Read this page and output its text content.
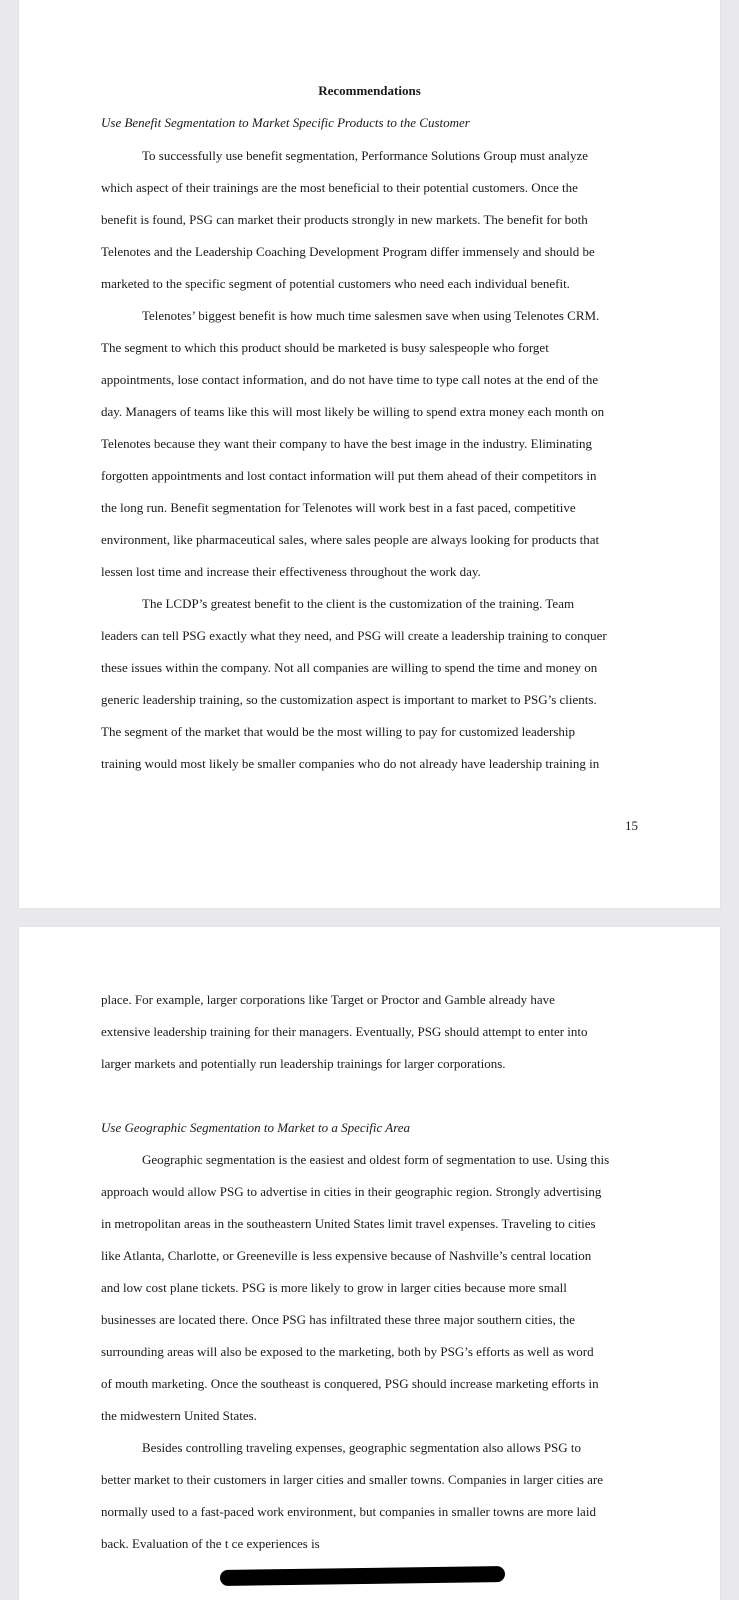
Recommendations
Use Benefit Segmentation to Market Specific Products to the Customer
To successfully use benefit segmentation, Performance Solutions Group must analyze
which aspect of their trainings are the most beneficial to their potential customers. Once the
benefit is found, PSG can market their products strongly in new markets. The benefit for both
Telenotes and the Leadership Coaching Development Program differ immensely and should be
marketed to the specific segment of potential customers who need each individual benefit.
Telenotes’ biggest benefit is how much time salesmen save when using Telenotes CRM.
The segment to which this product should be marketed is busy salespeople who forget
appointments, lose contact information, and do not have time to type call notes at the end of the
day. Managers of teams like this will most likely be willing to spend extra money each month on
Telenotes because they want their company to have the best image in the industry. Eliminating
forgotten appointments and lost contact information will put them ahead of their competitors in
the long run. Benefit segmentation for Telenotes will work best in a fast paced, competitive
environment, like pharmaceutical sales, where sales people are always looking for products that
lessen lost time and increase their effectiveness throughout the work day.
The LCDP’s greatest benefit to the client is the customization of the training. Team
leaders can tell PSG exactly what they need, and PSG will create a leadership training to conquer
these issues within the company. Not all companies are willing to spend the time and money on
generic leadership training, so the customization aspect is important to market to PSG’s clients.
The segment of the market that would be the most willing to pay for customized leadership
training would most likely be smaller companies who do not already have leadership training in
15
place. For example, larger corporations like Target or Proctor and Gamble already have
extensive leadership training for their managers. Eventually, PSG should attempt to enter into
larger markets and potentially run leadership trainings for larger corporations.
Use Geographic Segmentation to Market to a Specific Area
Geographic segmentation is the easiest and oldest form of segmentation to use. Using this
approach would allow PSG to advertise in cities in their geographic region. Strongly advertising
in metropolitan areas in the southeastern United States limit travel expenses. Traveling to cities
like Atlanta, Charlotte, or Greeneville is less expensive because of Nashville’s central location
and low cost plane tickets. PSG is more likely to grow in larger cities because more small
businesses are located there. Once PSG has infiltrated these three major southern cities, the
surrounding areas will also be exposed to the marketing, both by PSG’s efforts as well as word
of mouth marketing. Once the southeast is conquered, PSG should increase marketing efforts in
the midwestern United States.
Besides controlling traveling expenses, geographic segmentation also allows PSG to
better market to their customers in larger cities and smaller towns. Companies in larger cities are
normally used to a fast-paced work environment, but companies in smaller towns are more laid
back. Evaluation of the t ce experiences is
